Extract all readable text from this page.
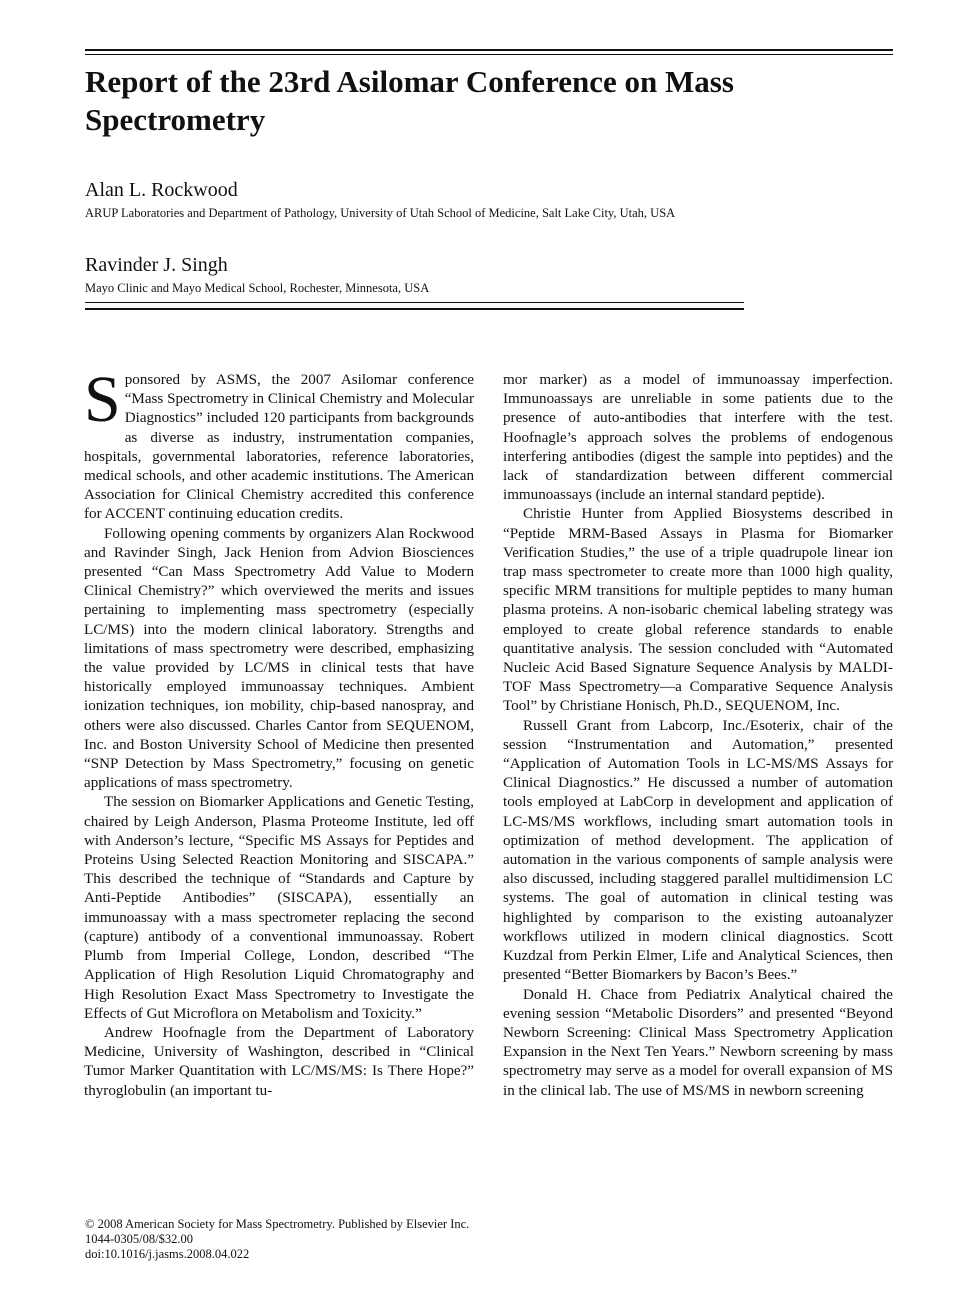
Report of the 23rd Asilomar Conference on Mass Spectrometry
Alan L. Rockwood
ARUP Laboratories and Department of Pathology, University of Utah School of Medicine, Salt Lake City, Utah, USA
Ravinder J. Singh
Mayo Clinic and Mayo Medical School, Rochester, Minnesota, USA

Sponsored by ASMS, the 2007 Asilomar conference “Mass Spectrometry in Clinical Chemistry and Molecular Diagnostics” included 120 participants from backgrounds as diverse as industry, instrumentation companies, hospitals, governmental laboratories, reference laboratories, medical schools, and other academic institutions. The American Association for Clinical Chemistry accredited this conference for ACCENT continuing education credits.

Following opening comments by organizers Alan Rockwood and Ravinder Singh, Jack Henion from Advion Biosciences presented “Can Mass Spectrometry Add Value to Modern Clinical Chemistry?” which overviewed the merits and issues pertaining to implementing mass spectrometry (especially LC/MS) into the modern clinical laboratory. Strengths and limitations of mass spectrometry were described, emphasizing the value provided by LC/MS in clinical tests that have historically employed immunoassay techniques. Ambient ionization techniques, ion mobility, chip-based nanospray, and others were also discussed. Charles Cantor from SEQUENOM, Inc. and Boston University School of Medicine then presented “SNP Detection by Mass Spectrometry,” focusing on genetic applications of mass spectrometry.

The session on Biomarker Applications and Genetic Testing, chaired by Leigh Anderson, Plasma Proteome Institute, led off with Anderson’s lecture, “Specific MS Assays for Peptides and Proteins Using Selected Reaction Monitoring and SISCAPA.” This described the technique of “Standards and Capture by Anti-Peptide Antibodies” (SISCAPA), essentially an immunoassay with a mass spectrometer replacing the second (capture) antibody of a conventional immunoassay. Robert Plumb from Imperial College, London, described “The Application of High Resolution Liquid Chromatography and High Resolution Exact Mass Spectrometry to Investigate the Effects of Gut Microflora on Metabolism and Toxicity.”

Andrew Hoofnagle from the Department of Laboratory Medicine, University of Washington, described in “Clinical Tumor Marker Quantitation with LC/MS/MS: Is There Hope?” thyroglobulin (an important tu-

mor marker) as a model of immunoassay imperfection. Immunoassays are unreliable in some patients due to the presence of auto-antibodies that interfere with the test. Hoofnagle’s approach solves the problems of endogenous interfering antibodies (digest the sample into peptides) and the lack of standardization between different commercial immunoassays (include an internal standard peptide).

Christie Hunter from Applied Biosystems described in “Peptide MRM-Based Assays in Plasma for Biomarker Verification Studies,” the use of a triple quadrupole linear ion trap mass spectrometer to create more than 1000 high quality, specific MRM transitions for multiple peptides to many human plasma proteins. A non-isobaric chemical labeling strategy was employed to create global reference standards to enable quantitative analysis. The session concluded with “Automated Nucleic Acid Based Signature Sequence Analysis by MALDI-TOF Mass Spectrometry—a Comparative Sequence Analysis Tool” by Christiane Honisch, Ph.D., SEQUENOM, Inc.

Russell Grant from Labcorp, Inc./Esoterix, chair of the session “Instrumentation and Automation,” presented “Application of Automation Tools in LC-MS/MS Assays for Clinical Diagnostics.” He discussed a number of automation tools employed at LabCorp in development and application of LC-MS/MS workflows, including smart automation tools in optimization of method development. The application of automation in the various components of sample analysis were also discussed, including staggered parallel multidimension LC systems. The goal of automation in clinical testing was highlighted by comparison to the existing autoanalyzer workflows utilized in modern clinical diagnostics. Scott Kuzdzal from Perkin Elmer, Life and Analytical Sciences, then presented “Better Biomarkers by Bacon’s Bees.”

Donald H. Chace from Pediatrix Analytical chaired the evening session “Metabolic Disorders” and presented “Beyond Newborn Screening: Clinical Mass Spectrometry Application Expansion in the Next Ten Years.” Newborn screening by mass spectrometry may serve as a model for overall expansion of MS in the clinical lab. The use of MS/MS in newborn screening

© 2008 American Society for Mass Spectrometry. Published by Elsevier Inc.
1044-0305/08/$32.00
doi:10.1016/j.jasms.2008.04.022
